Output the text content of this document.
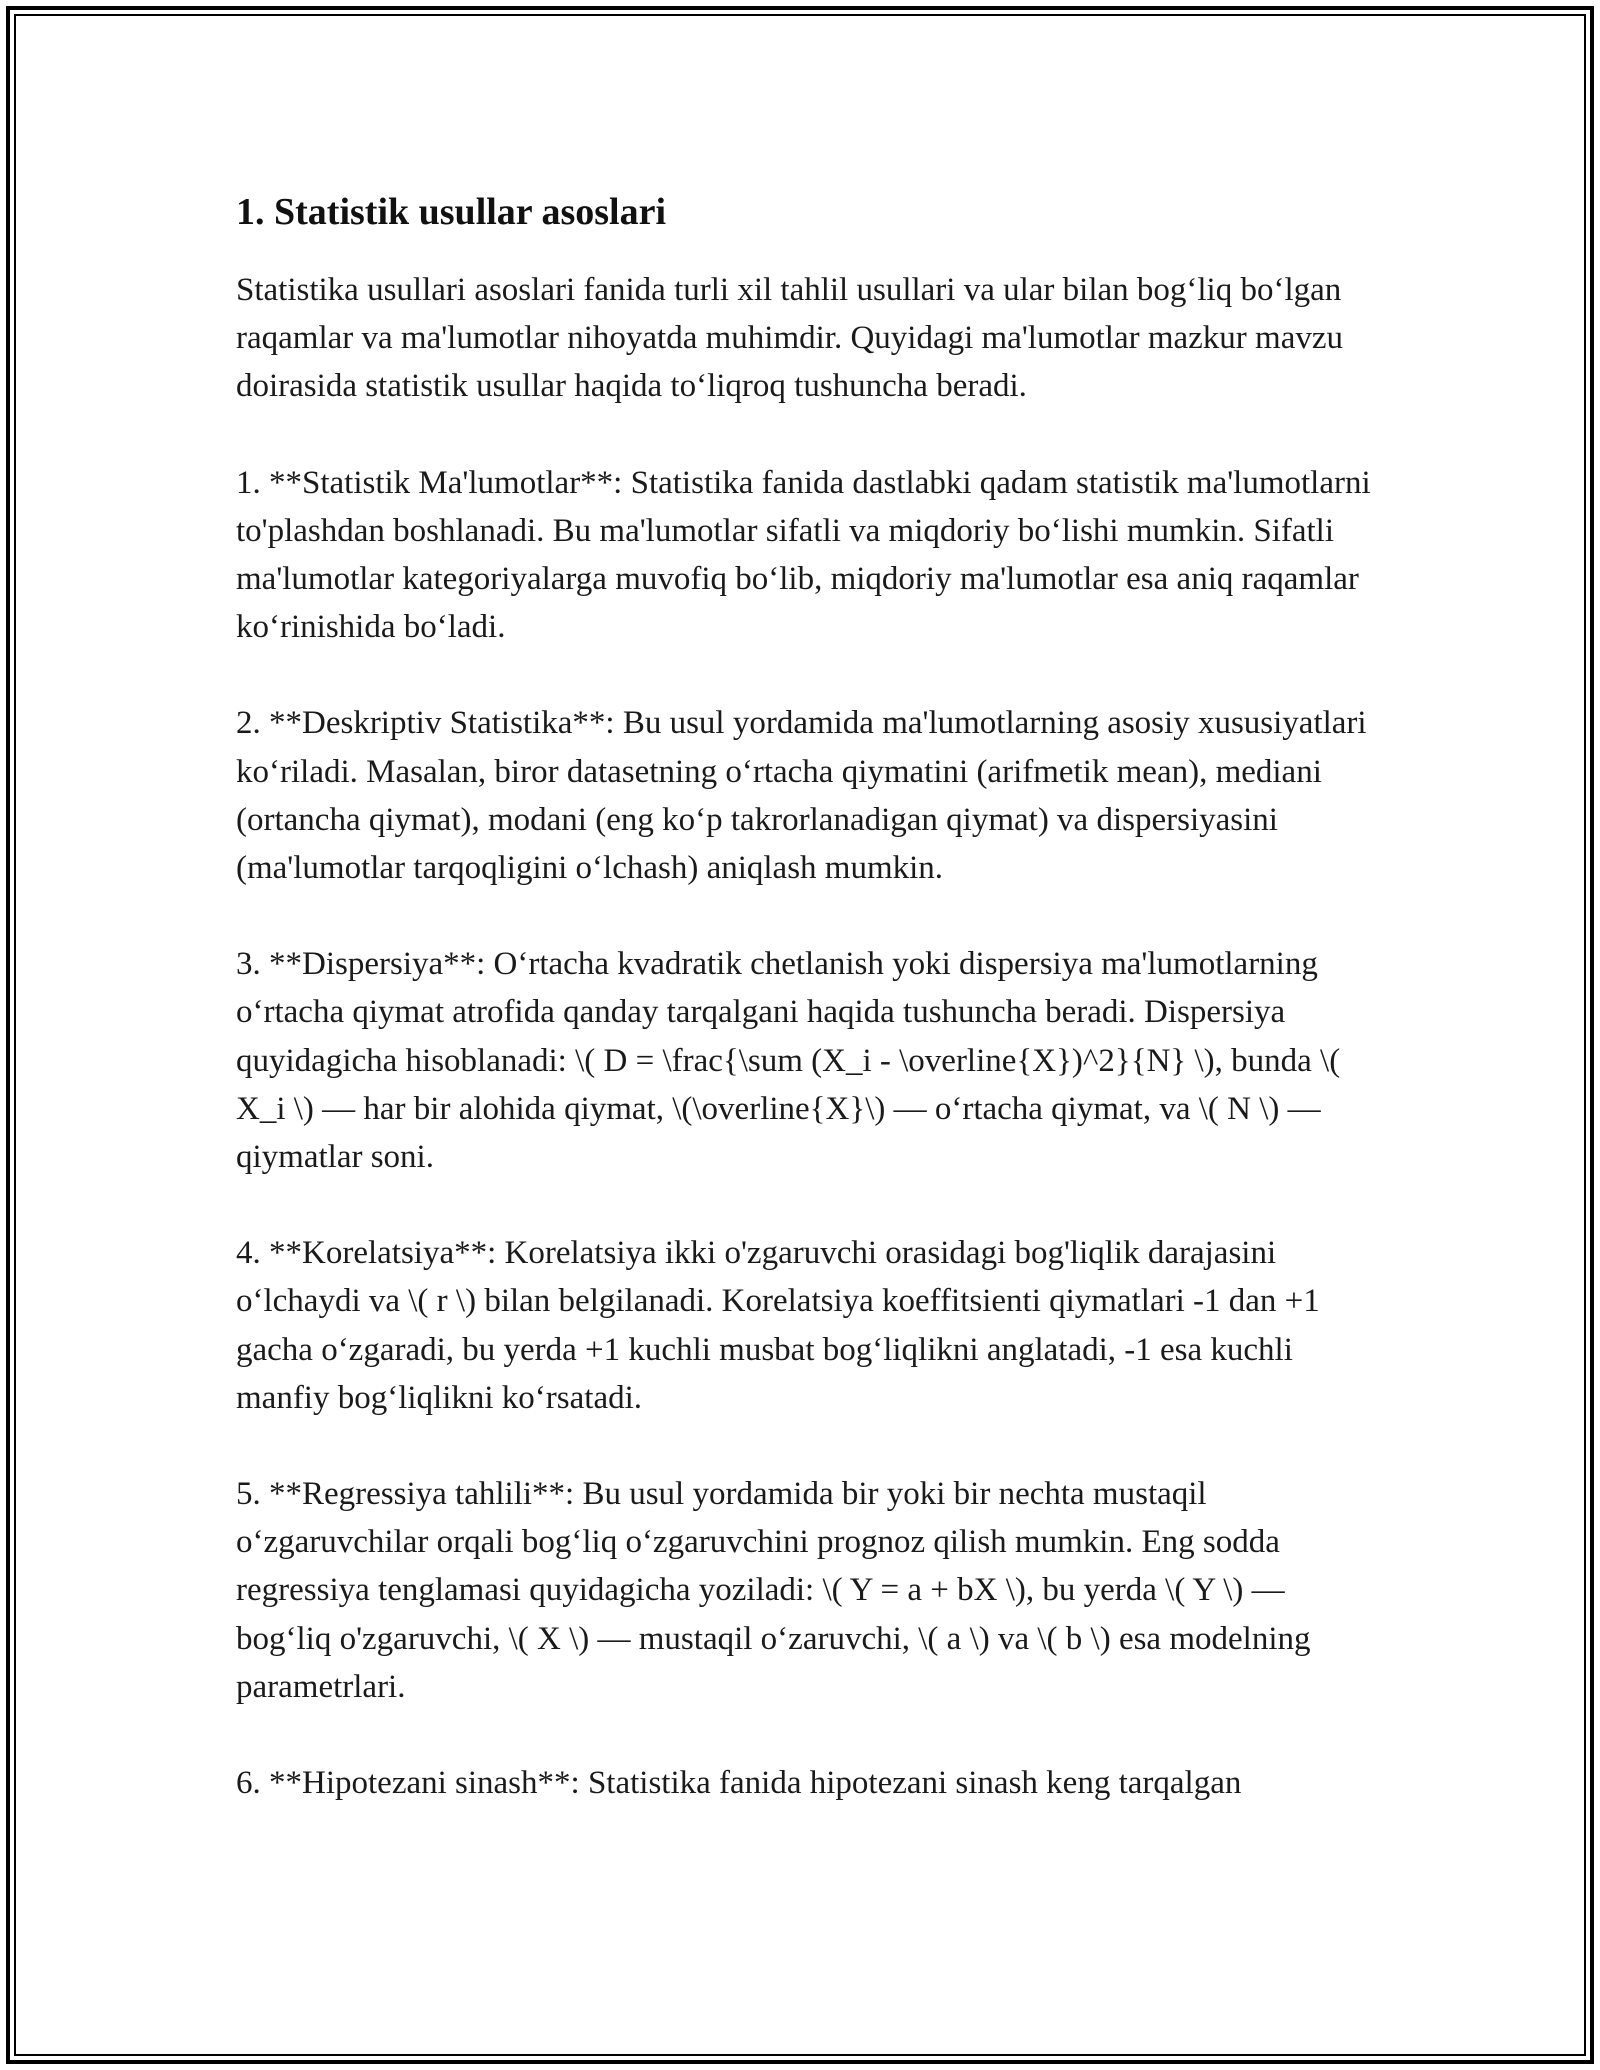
1. Statistik usullar asoslari

Statistika usullari asoslari fanida turli xil tahlil usullari va ular bilan bog‘liq bo‘lgan raqamlar va ma'lumotlar nihoyatda muhimdir. Quyidagi ma'lumotlar mazkur mavzu doirasida statistik usullar haqida to‘liqroq tushuncha beradi.

1. **Statistik Ma'lumotlar**: Statistika fanida dastlabki qadam statistik ma'lumotlarni to'plashdan boshlanadi. Bu ma'lumotlar sifatli va miqdoriy bo‘lishi mumkin. Sifatli ma'lumotlar kategoriyalarga muvofiq bo‘lib, miqdoriy ma'lumotlar esa aniq raqamlar ko‘rinishida bo‘ladi.

2. **Deskriptiv Statistika**: Bu usul yordamida ma'lumotlarning asosiy xususiyatlari ko‘riladi. Masalan, biror datasetning o‘rtacha qiymatini (arifmetik mean), mediani (ortancha qiymat), modani (eng ko‘p takrorlanadigan qiymat) va dispersiyasini (ma'lumotlar tarqoqligini o‘lchash) aniqlash mumkin.

3. **Dispersiya**: O‘rtacha kvadratik chetlanish yoki dispersiya ma'lumotlarning o‘rtacha qiymat atrofida qanday tarqalgani haqida tushuncha beradi. Dispersiya quyidagicha hisoblanadi: \( D = \frac{\sum (X_i - \overline{X})^2}{N} \), bunda \( X_i \) — har bir alohida qiymat, \(\overline{X}\) — o‘rtacha qiymat, va \( N \) — qiymatlar soni.

4. **Korelatsiya**: Korelatsiya ikki o'zgaruvchi orasidagi bog'liqlik darajasini o‘lchaydi va \( r \) bilan belgilanadi. Korelatsiya koeffitsienti qiymatlari -1 dan +1 gacha o‘zgaradi, bu yerda +1 kuchli musbat bog‘liqlikni anglatadi, -1 esa kuchli manfiy bog‘liqlikni ko‘rsatadi.

5. **Regressiya tahlili**: Bu usul yordamida bir yoki bir nechta mustaqil o‘zgaruvchilar orqali bog‘liq o‘zgaruvchini prognoz qilish mumkin. Eng sodda regressiya tenglamasi quyidagicha yoziladi: \( Y = a + bX \), bu yerda \( Y \) — bog‘liq o'zgaruvchi, \( X \) — mustaqil o‘zaruvchi, \( a \) va \( b \) esa modelning parametrlari.

6. **Hipotezani sinash**: Statistika fanida hipotezani sinash keng tarqalgan
